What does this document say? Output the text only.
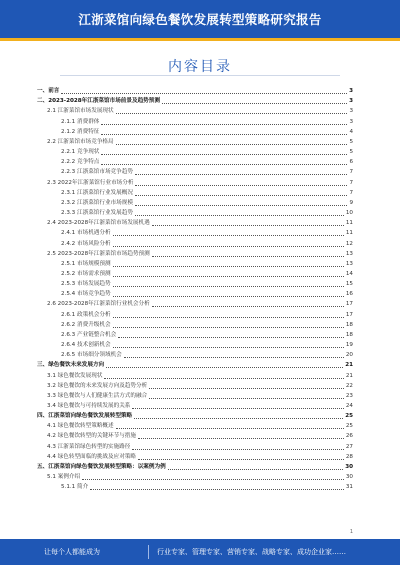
江浙菜馆向绿色餐饮发展转型策略研究报告
内容目录
一、前言	3
二、2023-2028年江浙菜馆市场前景及趋势预测	3
2.1 江浙菜馆市场发展现状	3
2.1.1 消费群体	3
2.1.2 消费特征	4
2.2 江浙菜馆市场竞争格局	5
2.2.1 竞争现状	5
2.2.2 竞争特点	6
2.2.3 江浙菜馆市场竞争趋势	7
2.3 2022年江浙菜馆行业市场分析	7
2.3.1 江浙菜馆行业发展概况	7
2.3.2 江浙菜馆行业市场规模	9
2.3.3 江浙菜馆行业发展趋势	10
2.4 2023-2028年江浙菜馆市场发展机遇	11
2.4.1 市场机遇分析	11
2.4.2 市场风险分析	12
2.5 2023-2028年江浙菜馆市场趋势预测	13
2.5.1 市场规模预测	13
2.5.2 市场需求预测	14
2.5.3 市场发展趋势	15
2.5.4 市场竞争趋势	16
2.6 2023-2028年江浙菜馆行业机会分析	17
2.6.1 政策机会分析	17
2.6.2 消费升级机会	18
2.6.3 产业链整合机会	18
2.6.4 技术创新机会	19
2.6.5 市场细分领域机会	20
三、绿色餐饮未来发展方向	21
3.1 绿色餐饮发展现状	21
3.2 绿色餐饮的未来发展方向及趋势分析	22
3.3 绿色餐饮与人们健康生活方式的融合	23
3.4 绿色餐饮与可持续发展的关系	24
四、江浙菜馆向绿色餐饮发展转型策略	25
4.1 绿色餐饮转型策略概述	25
4.2 绿色餐饮转型的关键环节与措施	26
4.3 江浙菜馆绿色转型的实施路径	27
4.4 绿色转型面临的挑战及应对策略	28
五、江浙菜馆向绿色餐饮发展转型策略：以案例为例	30
5.1 案例介绍	30
5.1.1 简介	31
1
让每个人都能成为	行业专家、管理专家、营销专家、战略专家、成功企业家……
